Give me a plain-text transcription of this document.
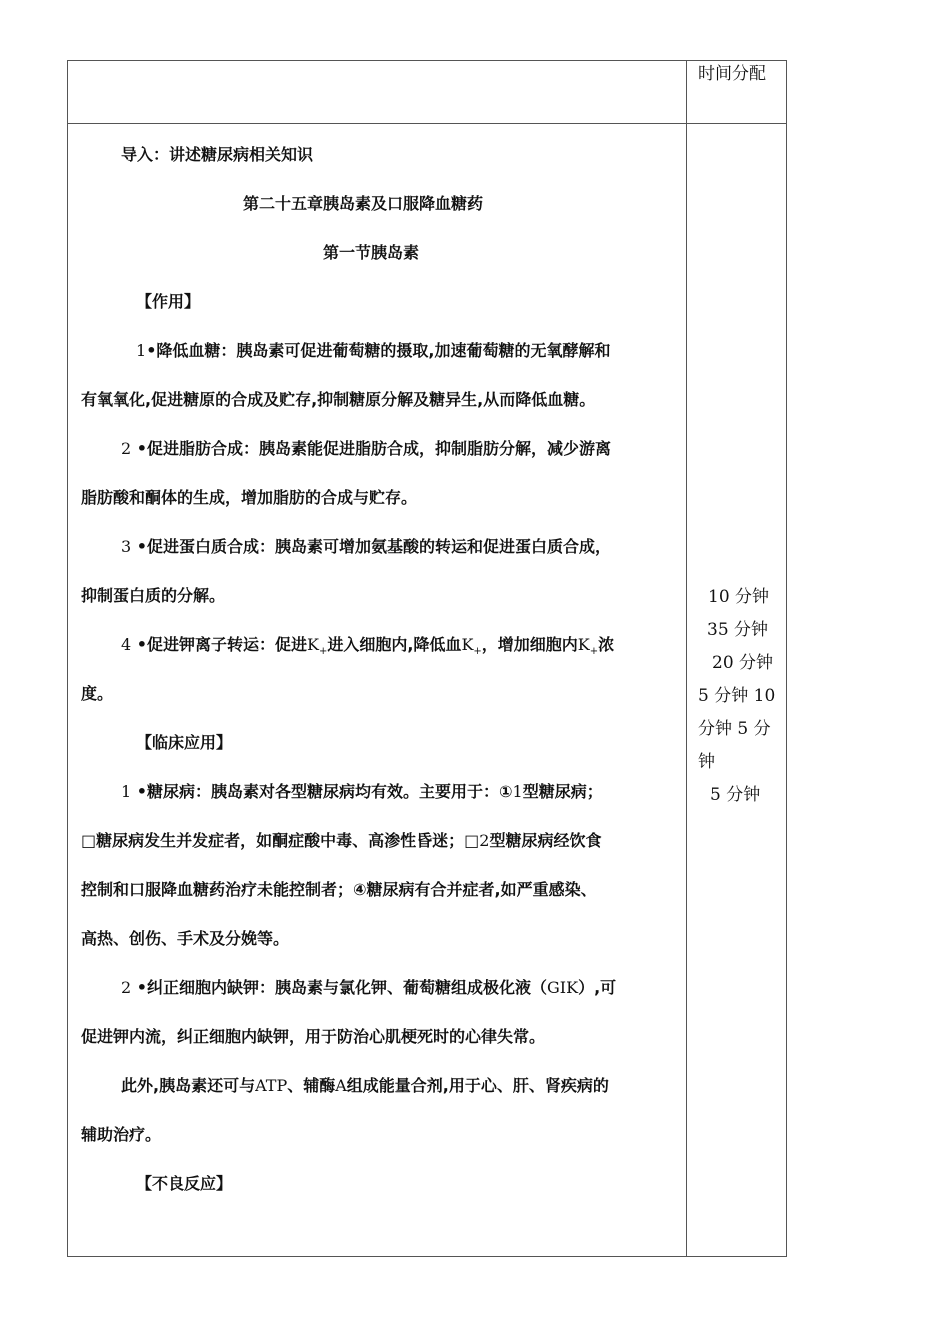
时间分配
导入：讲述糖尿病相关知识
第二十五章胰岛素及口服降血糖药
第一节胰岛素
【作用】
1•降低血糖：胰岛素可促进葡萄糖的摄取,加速葡萄糖的无氧酵解和
有氧氧化,促进糖原的合成及贮存,抑制糖原分解及糖异生,从而降低血糖。
2 •促进脂肪合成：胰岛素能促进脂肪合成，抑制脂肪分解，减少游离
脂肪酸和酮体的生成，增加脂肪的合成与贮存。
3 •促进蛋白质合成：胰岛素可增加氨基酸的转运和促进蛋白质合成，
抑制蛋白质的分解。
4 •促进钾离子转运：促进$K_+$进入细胞内,降低血$K_+$，增加细胞内$K_+$浓
度。
【临床应用】
1 •糖尿病：胰岛素对各型糖尿病均有效。主要用于：①1型糖尿病；
□糖尿病发生并发症者，如酮症酸中毒、高渗性昏迷；□2型糖尿病经饮食
控制和口服降血糖药治疗未能控制者；④糖尿病有合并症者,如严重感染、
高热、创伤、手术及分娩等。
2 •纠正细胞内缺钾：胰岛素与氯化钾、葡萄糖组成极化液（GIK）,可
促进钾内流，纠正细胞内缺钾，用于防治心肌梗死时的心律失常。
此外,胰岛素还可与ATP、辅酶A组成能量合剂,用于心、肝、肾疾病的
辅助治疗。
【不良反应】
10 分钟
35 分钟
20 分钟
5 分钟 10
分钟 5 分
钟
5 分钟
